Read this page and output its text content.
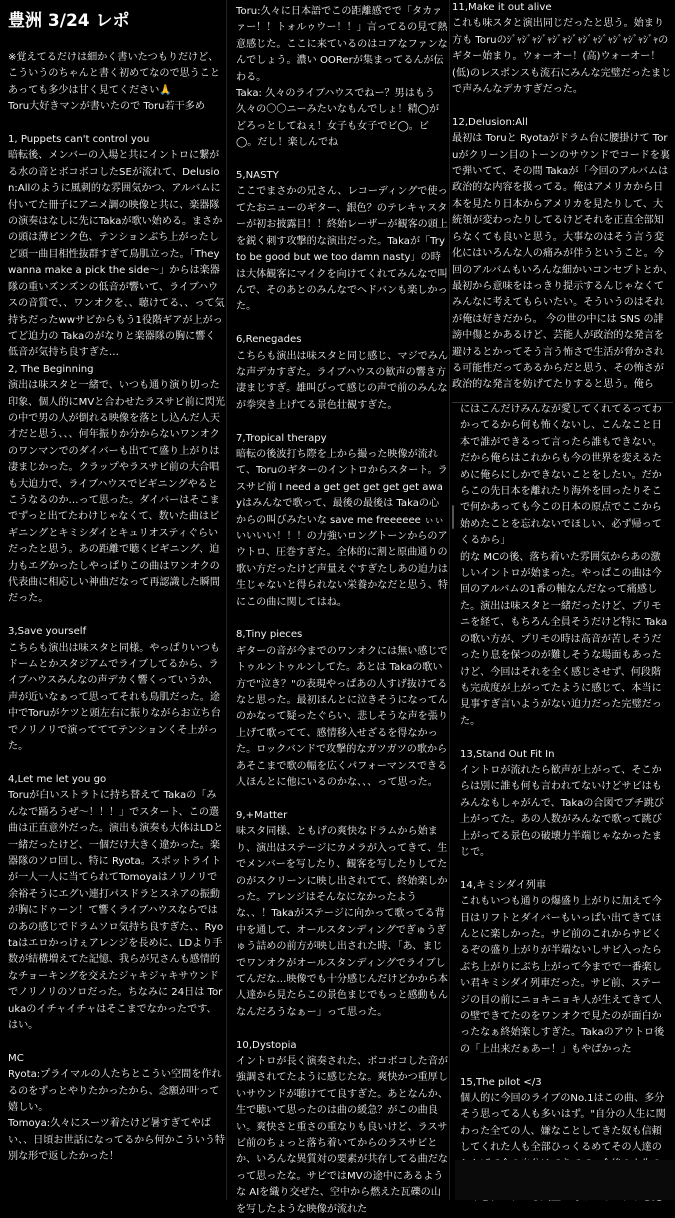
豊洲 3/24 レポ

※覚えてるだけは細かく書いたつもりだけど、こういうのちゃんと書く初めてなので思うことあっても多少は甘く見てください🙏
Toru大好きマンが書いたので Toru若干多め

1, Puppets can't control you
暗転後、メンバーの入場と共にイントロに繋がる水の音とボコボコしたSEが流れて、Delusion:Allのように風刺的な雰囲気かつ、アルバムに付いてた冊子にアニメ調の映像と共に、楽器隊の演奏はなしに先にTakaが歌い始める。まさかの頭は薄ピンク色、テンションぶち上がったしど頭一曲目相性抜群すぎて鳥肌立った。「They wanna make a pick the side〜」からは楽器隊の重いズンズンの低音が響いて、ライブハウスの音質で、、ワンオクを、、聴けてる、、って気持ちだったwwサビからもう1役階ギアが上がってど迫力の Takaのがなりと楽器隊の胸に響く低音が気持ち良すぎた…
2, The Beginning
演出は味スタと一緒で、いつも通り演り切った印象、個人的にMVと合わせたラスサビ前に閃光の中で男の人が倒れる映像を落とし込んだ人天才だと思う、、、何年振りか分からないワンオクのワンマンでのダイバーも出てて盛り上がりは凄まじかった。クラップやラスサビ前の大合唱も大迫力で、ライブハウスでビギニングやるとこうなるのか…って思った。ダイバーはそこまでずっと出てたわけじゃなくて、数いた曲はビギニングとキミシダイとキュリオスティぐらいだったと思う。あの距離で聴くビギニング、迫力もエグかったしやっぱりこの曲はワンオクの代表曲に相応しい神曲だなって再認識した瞬間だった。

3,Save yourself
こちらも演出は味スタと同様。やっぱりいつもドームとかスタジアムでライブしてるから、ライブハウスみんなの声デカく響くっていうか、声が近いなぁって思ってそれも鳥肌だった。途中でToruがケツと頭左右に振りながらお立ち台でノリノリで演ってててテンションくそ上がった。

4,Let me let you go
Toruが白いストラトに持ち替えて Takaの「みんなで踊ろうぜ〜！！！」でスタート、この選曲は正直意外だった。演出も演奏も大体はLDと一緒だったけど、一個だけ大きく違かった。楽器隊のソロ回し、特に Ryota。スポットライトが一人一人に当てられてTomoyaはノリノリで余裕そうにエグい連打パスドラとスネアの振動が胸にドゥーン！て響くライブハウスならではのあの感じでドラムソロ気持ち良すぎた、、Ryotaはエロかっけぇアレンジを長めに、LDより手数が結構増えてた記憶、我らが兄さんも感情的なチョーキングを交えたジャキジャキサウンドでノリノリのソロだった。ちなみに 24日は Torukaのイチャイチャはそこまでなかったです、はい。

MC
Ryota:プライマルの人たちとこうい空間を作れるのをずっとやりたかったから、念願が叶って嬉しい。
Tomoya:久々にスーツ着たけど暑すぎてやばい、、日頃お世話になってるから何かこういう特別な形で返したかった！

Toru:久々に日本語でこの距離感でで「タカァァー！！トォルゥウー！！」言ってるの見て熱意感じた。ここに来ているのはコアなファンなんでしょう。濃い OORerが集まってるんが伝わる。
Taka: 久々のライブハウスでねー？男はもう久々の〇〇ニーみたいなもんでしょ！精◯がどろっとしてねぇ！女子も女子でビ◯。ビ◯。だし！楽しんでね

5,NASTY
ここでまさかの兄さん、レコーディングで使ってたおニューのギター、銀色？のテレキャスターが初お披露目！！終始レーザーが観客の頭上を鋭く刺す攻撃的な演出だった。Takaが「Try to be good but we too damn nasty」の時は大体観客にマイクを向けてくれてみんなで叫んで、そのあとのみんなでヘドバンも楽しかった。

6,Renegades
こちらも演出は味スタと同じ感じ、マジでみんな声デカすぎた。ライブハウスの歓声の響き方凄まじすぎ。雄叫びって感じの声で前のみんなが拳突き上げてる景色壮観すぎた。

7,Tropical therapy
暗転の後波打ち際を上から撮った映像が流れて、Toruのギターのイントロからスタート。ラスサビ前 I need a get get get get get awayはみんなで歌って、最後の最後は Takaの心からの叫びみたいな save me freeeeee ぃぃいいいい！！！の力強いロングトーンからのアウトロ、圧巻すぎた。全体的に割と原曲通りの歌い方だったけど声量えぐすぎたしあの迫力は生じゃないと得られない栄養かなだと思う、特にこの曲に関してはね。

8,Tiny pieces
ギターの音が今までのワンオクには無い感じでトゥルントゥルンしてた。あとは Takaの歌い方で"泣き？"の表現やっぱあの人すげ抜けてるなと思った。最初ほんとに泣きそうになってんのかなって疑ったぐらい、悲しそうな声を張り上げて歌ってて、感情移入せざるを得なかった。ロックバンドで攻撃的なガツガツの歌からあそこまで歌の幅を広くパフォーマンスできる人ほんとに他にいるのかな、、、って思った。

9,+Matter
味スタ同様、ともげの爽快なドラムから始まり、演出はステージにカメラが入ってきて、生でメンバーを写したり、観客を写したりしてたのがスクリーンに映し出されてて、終始楽しかった。アレンジはそんなになかったような、、！Takaがステージに向かって歌ってる背中を通して、オールスタンディングでぎゅうぎゅう詰めの前方が映し出された時、「あ、まじでワンオクがオールスタンディングでライブしてんだな…映像でも十分感じんだけどかから本人達から見たらこの景色まじでもっと感動もんなんだろうなぁー」って思った。

10,Dystopia
イントロが長く演奏された、ボコボコした音が強調されてたように感じたな。爽快かつ重厚しいサウンドが聴けてて良すぎた。あとなんか、生で聴いて思ったのは曲の緩急？がこの曲良い。爽快さと重さの重なりも良いけど、ラスサビ前のちょっと落ち着いてからのラスサビとか、いろんな異質対の要素が共存してる曲だなって思ったな。サビではMVの途中にあるような AIを織り交ぜた、空中から燃えた瓦礫の山を写したような映像が流れた

11,Make it out alive
これも味スタと演出同じだったと思う。始まり方も Toruのｼﾞｬｼﾞｬｼﾞｬｼﾞｬｼﾞｬｼﾞｬｼﾞｬｼﾞｬｼﾞｬｼﾞｬのギター始まり。ウォーオー！(高)ウォーオー！(低)のレスポンスも流石にみんな完璧だったまじで声みんなデカすぎだった。

12,Delusion:All
最初は Toruと Ryotaがドラム台に腰掛けて Toruがクリーン目のトーンのサウンドでコードを裏で弾いてて、その間 Takaが「今回のアルバムは政治的な内容を扱ってる。俺はアメリカから日本を見たり日本からアメリカを見たりして、大統領が変わったりしてるけどそれを正直全部知らなくても良いと思う。大事なのはそう言う変化にはいろんな人の痛みが伴うということ。今回のアルバムもいろんな細かいコンセプトとか、最初から意味をはっきり提示するんじゃなくてみんなに考えてもらいたい。そういうのはそれが俺は好きだから。 今の世の中には SNS の誹謗中傷とかあるけど、芸能人が政治的な発言を避けるとかってそう言う怖さで生活が脅かされる可能性だってあるからだと思う、その怖さが政治的な発言を妨げてたりすると思う。俺ら

にはこんだけみんなが愛してくれてるってわかってるから何も怖くないし、こんなこと日本で誰ができるって言ったら誰もできない。だから俺らはこれからも今の世界を変えるために俺らにしかできないことをしたい。だからこの先日本を離れたり海外を回ったりそこで何かあっても今この日本の原点でここから始めたことを忘れないでほしい、必ず帰ってくるから」
的な MCの後、落ち着いた雰囲気からあの激しいイントロが始まった。やっぱこの曲は今回のアルバムの1番の軸なんだなって痛感した。演出は味スタと一緒だったけど、プリモニを経て、もちろん全員そうだけど特に Takaの歌い方が、プリモの時は高音が苦しそうだったり息を保つのが難しそうな場面もあったけど、今回はそれを全く感じさせず、何段階も完成度が上がってたように感じて、本当に見事すぎ言いようがない迫力だった完璧だった。

13,Stand Out Fit In
イントロが流れたら歓声が上がって、そこからは別に誰も何も言われてないけどサビはもみんなもしゃがんで、Takaの合図でブチ跳び上がってた。あの人数がみんなで歌って跳び上がってる景色の破壊力半端じゃなかったまじで。

14,キミシダイ列車
これもいつも通りの爆盛り上がりに加えて今日はリフトとダイバーもいっぱい出てきてほんとに楽しかった。サビ前のこれからサビくるぞの盛り上がりが半端ないしサビ入ったらぶち上がりにぶち上がって今までで一番楽しい君キミシダイ列車だった。サビ前、ステージの目の前にニョキニョキ人が生えてきて人の壁できてたのをワンオクで見たのが面白かったなぁ終始楽しすぎた。Takaのアウトロ後の「上出来だぁあー！」もやばかった

15,The pilot </3
個人的に今回のライブのNo.1はこの曲、多分そう思ってる人も多いはず。"自分の人生に関わった全ての人、嫌なことしてきた奴も信頼してくれた人も全部ひっくるめてその人達の
